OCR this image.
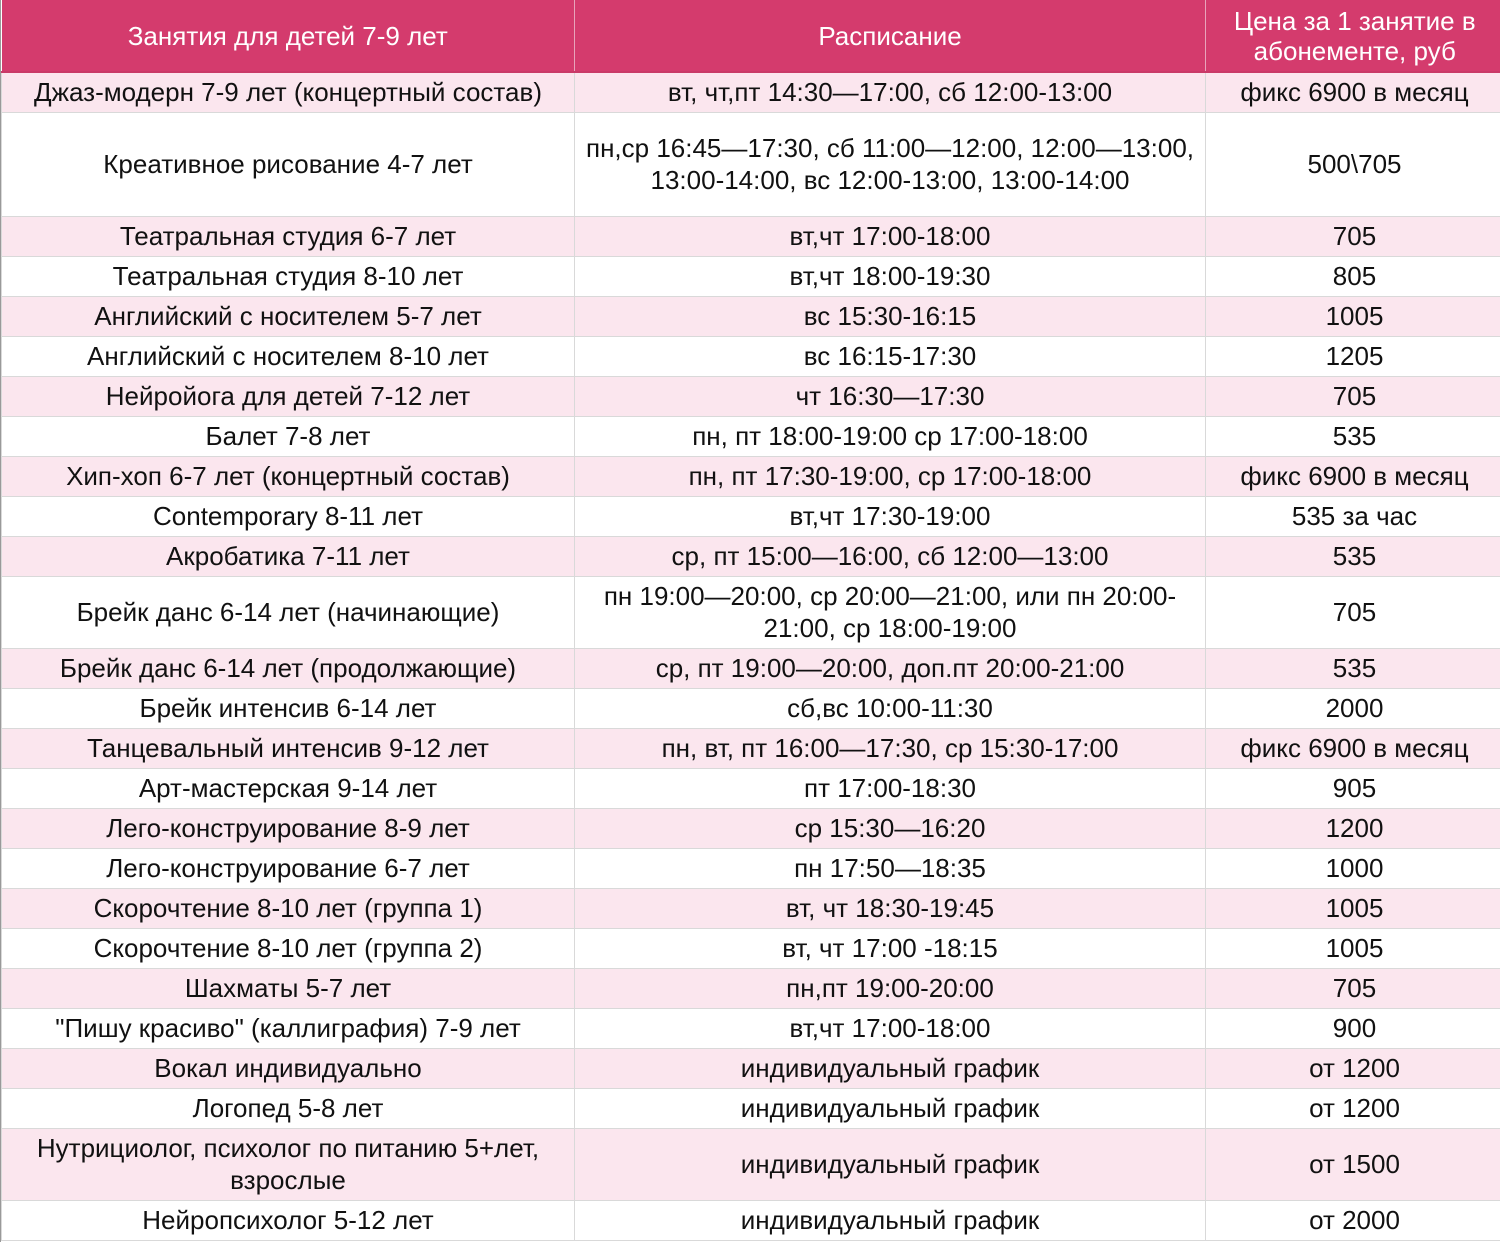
Занятия для детей 7-9 лет	Расписание	Цена за 1 занятие в абонементе, руб
Джаз-модерн 7-9 лет (концертный состав)	вт, чт,пт 14:30—17:00, сб 12:00-13:00	фикс 6900 в месяц
Креативное рисование 4-7 лет	пн,ср 16:45—17:30, сб 11:00—12:00, 12:00—13:00, 13:00-14:00, вс 12:00-13:00, 13:00-14:00	500\705
Театральная студия 6-7 лет	вт,чт 17:00-18:00	705
Театральная студия 8-10 лет	вт,чт 18:00-19:30	805
Английский с носителем 5-7 лет	вс 15:30-16:15	1005
Английский с носителем 8-10 лет	вс 16:15-17:30	1205
Нейройога для детей 7-12 лет	чт 16:30—17:30	705
Балет 7-8 лет	пн, пт 18:00-19:00 ср 17:00-18:00	535
Хип-хоп 6-7 лет (концертный состав)	пн, пт 17:30-19:00, ср 17:00-18:00	фикс 6900 в месяц
Contemporary 8-11 лет	вт,чт 17:30-19:00	535 за час
Акробатика 7-11 лет	ср, пт 15:00—16:00, сб 12:00—13:00	535
Брейк данс 6-14 лет (начинающие)	пн 19:00—20:00, ср 20:00—21:00, или пн 20:00-21:00, ср 18:00-19:00	705
Брейк данс 6-14 лет (продолжающие)	ср, пт 19:00—20:00, доп.пт 20:00-21:00	535
Брейк интенсив 6-14 лет	сб,вс 10:00-11:30	2000
Танцевальный интенсив 9-12 лет	пн, вт, пт 16:00—17:30, ср 15:30-17:00	фикс 6900 в месяц
Арт-мастерская 9-14 лет	пт 17:00-18:30	905
Лего-конструирование 8-9 лет	ср 15:30—16:20	1200
Лего-конструирование 6-7 лет	пн 17:50—18:35	1000
Скорочтение 8-10 лет (группа 1)	вт, чт 18:30-19:45	1005
Скорочтение 8-10 лет (группа 2)	вт, чт 17:00 -18:15	1005
Шахматы 5-7 лет	пн,пт 19:00-20:00	705
"Пишу красиво" (каллиграфия) 7-9 лет	вт,чт 17:00-18:00	900
Вокал индивидуально	индивидуальный график	от 1200
Логопед 5-8 лет	индивидуальный график	от 1200
Нутрициолог, психолог по питанию 5+лет, взрослые	индивидуальный график	от 1500
Нейропсихолог 5-12 лет	индивидуальный график	от 2000
